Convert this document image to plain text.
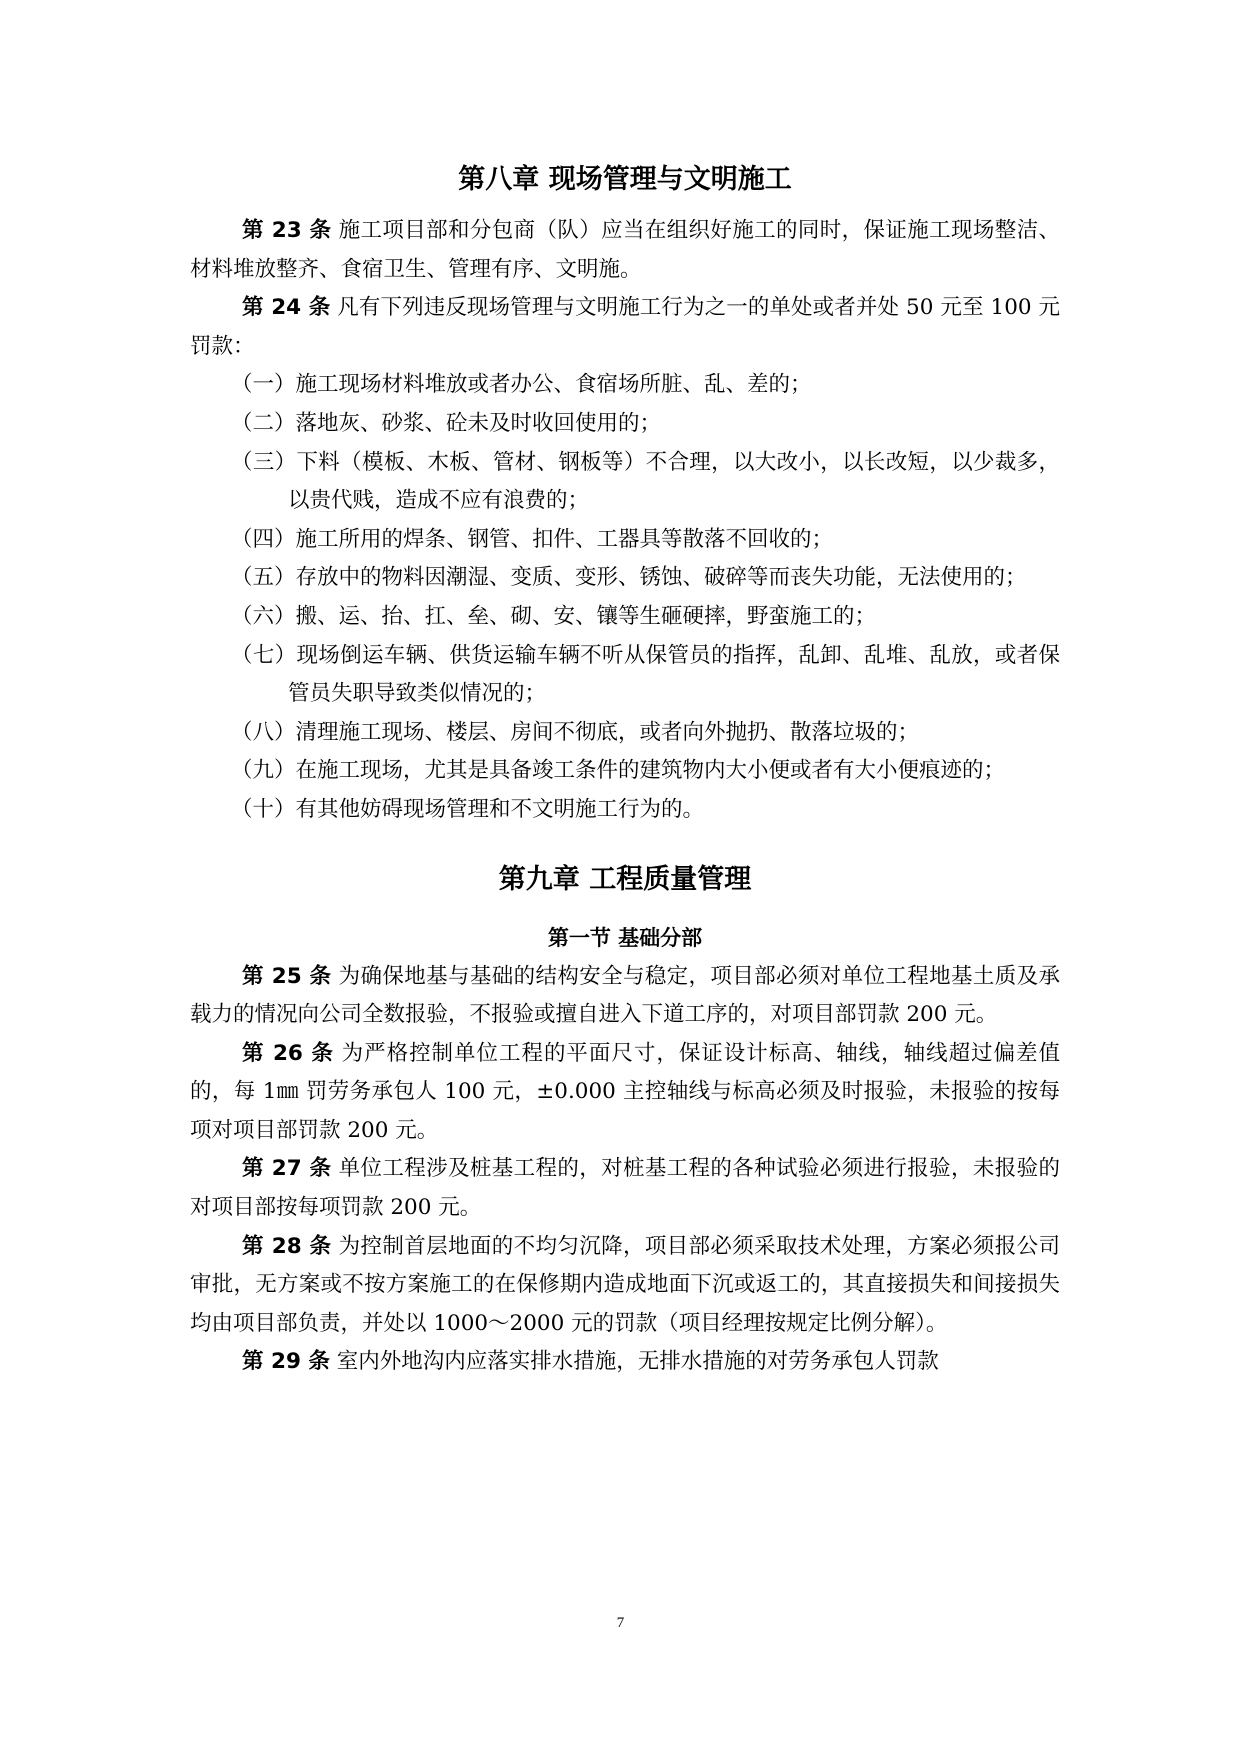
第八章 现场管理与文明施工

第 23 条 施工项目部和分包商（队）应当在组织好施工的同时，保证施工现场整洁、材料堆放整齐、食宿卫生、管理有序、文明施。

第 24 条 凡有下列违反现场管理与文明施工行为之一的单处或者并处 50 元至 100 元罚款：

（一）施工现场材料堆放或者办公、食宿场所脏、乱、差的；

（二）落地灰、砂浆、砼未及时收回使用的；

（三）下料（模板、木板、管材、钢板等）不合理，以大改小，以长改短，以少裁多，以贵代贱，造成不应有浪费的；

（四）施工所用的焊条、钢管、扣件、工器具等散落不回收的；

（五）存放中的物料因潮湿、变质、变形、锈蚀、破碎等而丧失功能，无法使用的；

（六）搬、运、抬、扛、垒、砌、安、镶等生砸硬摔，野蛮施工的；

（七）现场倒运车辆、供货运输车辆不听从保管员的指挥，乱卸、乱堆、乱放，或者保管员失职导致类似情况的；

（八）清理施工现场、楼层、房间不彻底，或者向外抛扔、散落垃圾的；

（九）在施工现场，尤其是具备竣工条件的建筑物内大小便或者有大小便痕迹的；

（十）有其他妨碍现场管理和不文明施工行为的。

第九章 工程质量管理
第一节 基础分部

第 25 条 为确保地基与基础的结构安全与稳定，项目部必须对单位工程地基土质及承载力的情况向公司全数报验，不报验或擅自进入下道工序的，对项目部罚款 200 元。

第 26 条 为严格控制单位工程的平面尺寸，保证设计标高、轴线，轴线超过偏差值的，每 1㎜ 罚劳务承包人 100 元，±0.000 主控轴线与标高必须及时报验，未报验的按每项对项目部罚款 200 元。

第 27 条 单位工程涉及桩基工程的，对桩基工程的各种试验必须进行报验，未报验的对项目部按每项罚款 200 元。

第 28 条 为控制首层地面的不均匀沉降，项目部必须采取技术处理，方案必须报公司审批，无方案或不按方案施工的在保修期内造成地面下沉或返工的，其直接损失和间接损失均由项目部负责，并处以 1000～2000 元的罚款（项目经理按规定比例分解）。

第 29 条 室内外地沟内应落实排水措施，无排水措施的对劳务承包人罚款

7
